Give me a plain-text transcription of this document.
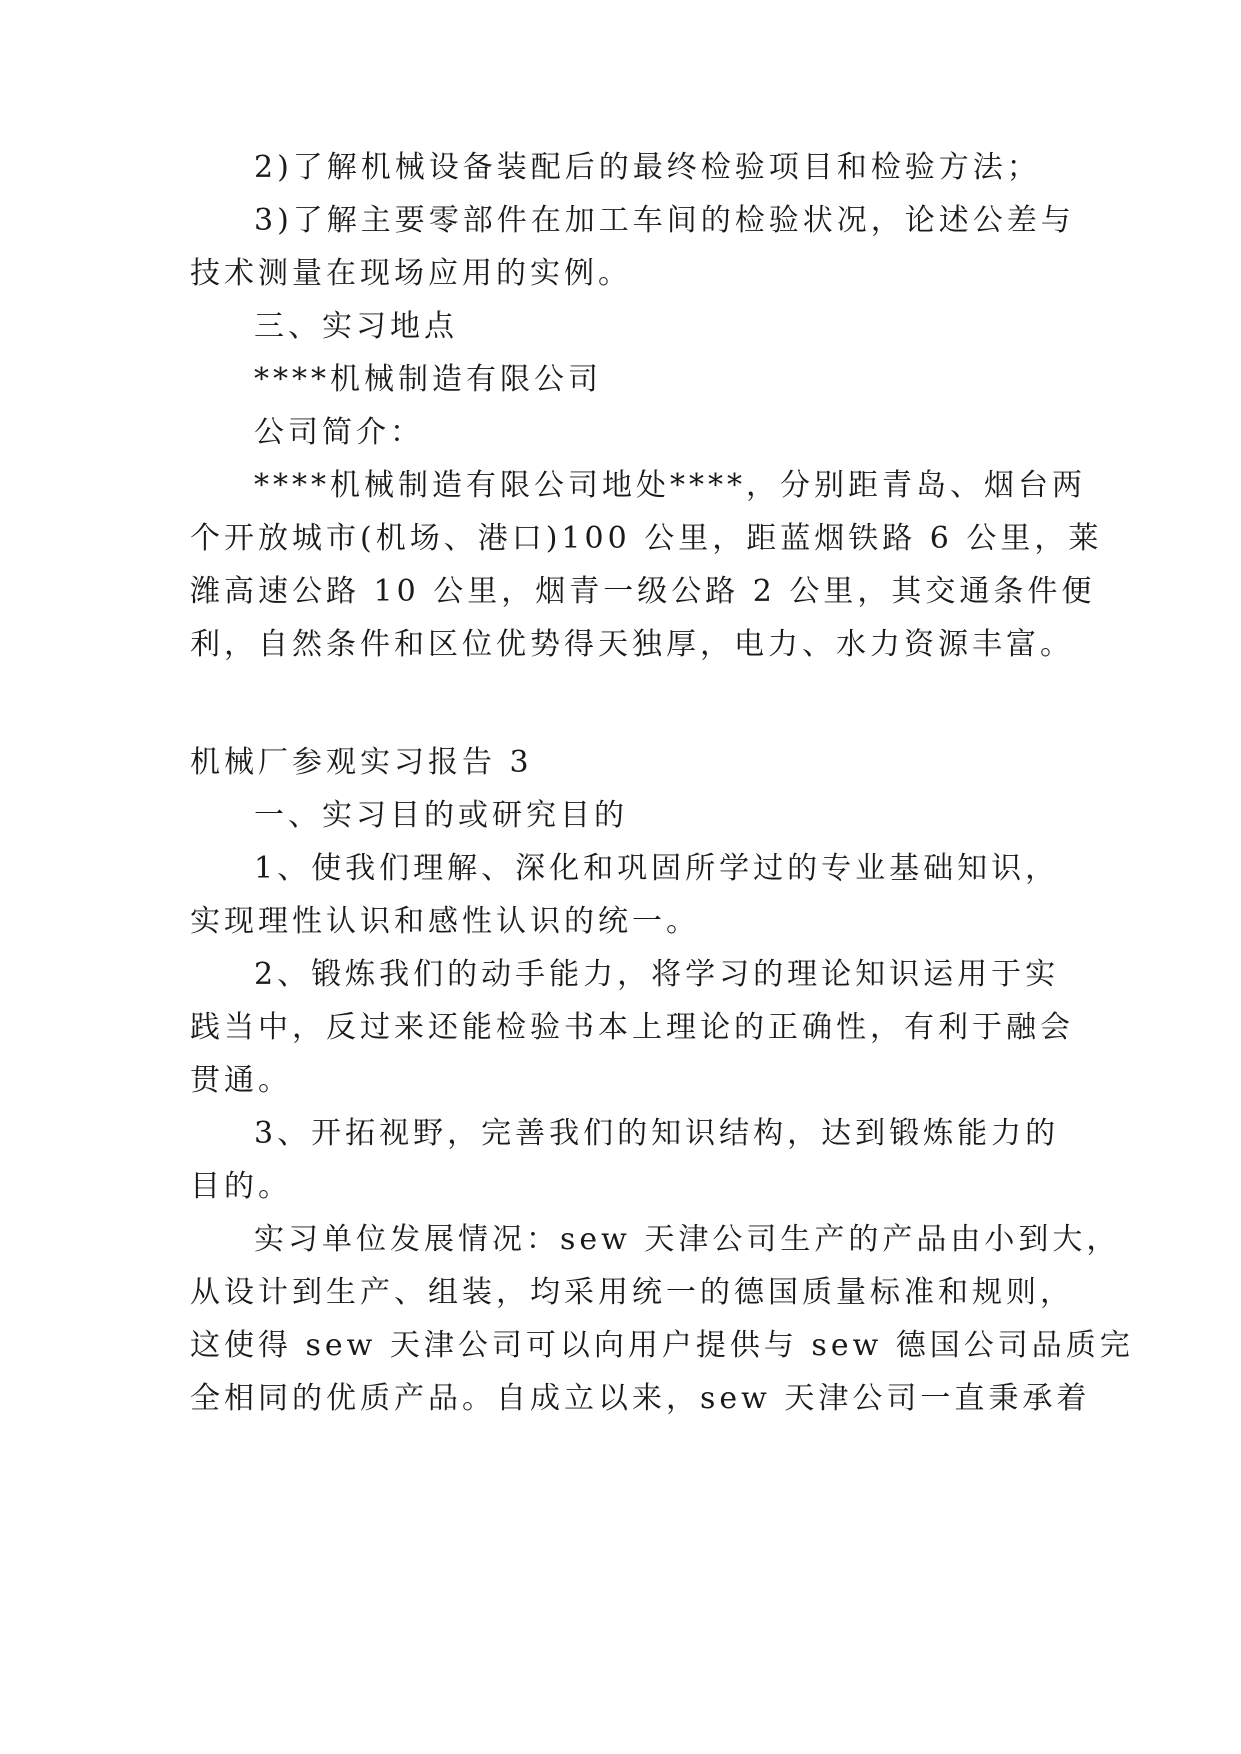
2)了解机械设备装配后的最终检验项目和检验方法；
3)了解主要零部件在加工车间的检验状况，论述公差与
技术测量在现场应用的实例。
三、实习地点
****机械制造有限公司
公司简介：
****机械制造有限公司地处****，分别距青岛、烟台两
个开放城市(机场、港口)100 公里，距蓝烟铁路 6 公里，莱
潍高速公路 10 公里，烟青一级公路 2 公里，其交通条件便
利，自然条件和区位优势得天独厚，电力、水力资源丰富。
机械厂参观实习报告 3
一、实习目的或研究目的
1、使我们理解、深化和巩固所学过的专业基础知识，
实现理性认识和感性认识的统一。
2、锻炼我们的动手能力，将学习的理论知识运用于实
践当中，反过来还能检验书本上理论的正确性，有利于融会
贯通。
3、开拓视野，完善我们的知识结构，达到锻炼能力的
目的。
实习单位发展情况：sew 天津公司生产的产品由小到大，
从设计到生产、组装，均采用统一的德国质量标准和规则，
这使得 sew 天津公司可以向用户提供与 sew 德国公司品质完
全相同的优质产品。自成立以来，sew 天津公司一直秉承着
